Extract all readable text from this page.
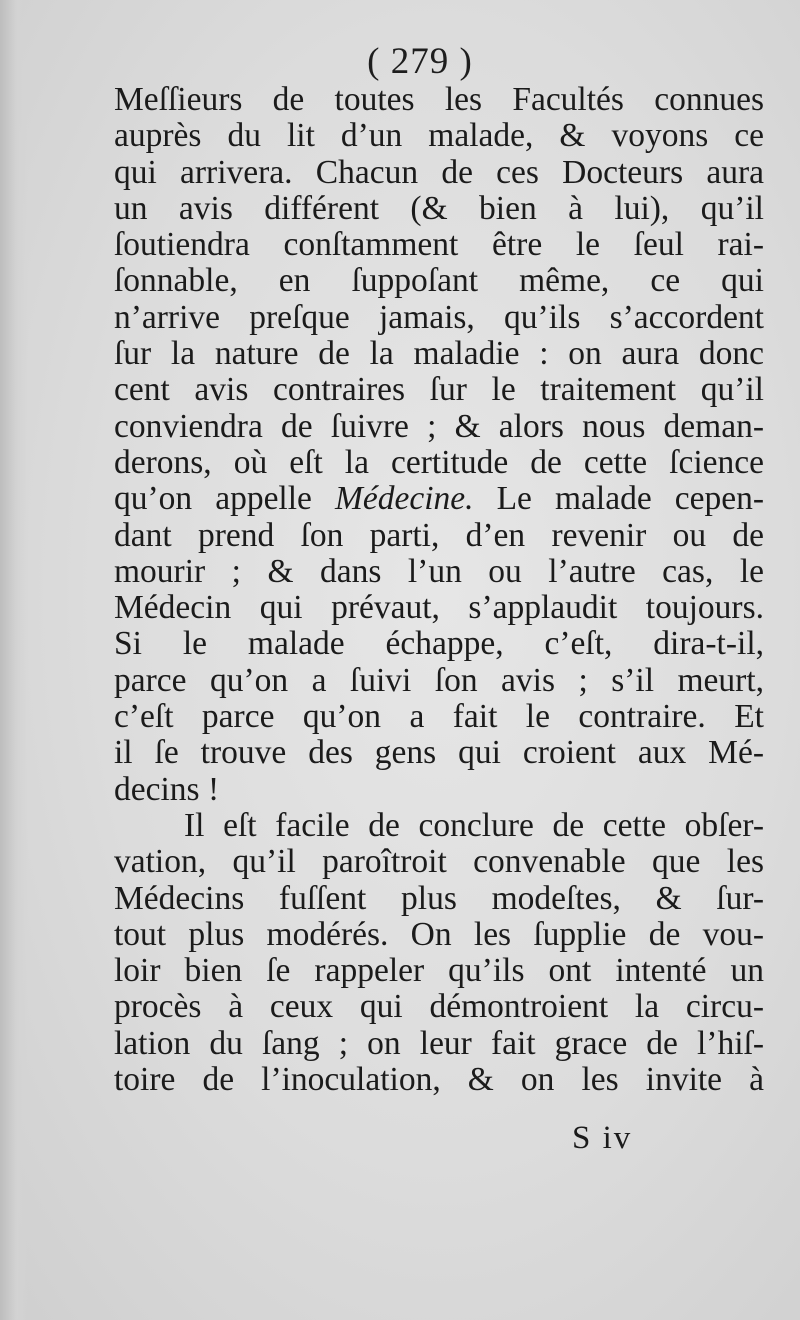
( 279 )
Meſſieurs de toutes les Facultés connues
auprès du lit d’un malade, & voyons ce
qui arrivera. Chacun de ces Docteurs aura
un avis différent (& bien à lui), qu’il
ſoutiendra conſtamment être le ſeul rai-
ſonnable, en ſuppoſant même, ce qui
n’arrive preſque jamais, qu’ils s’accordent
ſur la nature de la maladie : on aura donc
cent avis contraires ſur le traitement qu’il
conviendra de ſuivre ; & alors nous deman-
derons, où eſt la certitude de cette ſcience
qu’on appelle Médecine. Le malade cepen-
dant prend ſon parti, d’en revenir ou de
mourir ; & dans l’un ou l’autre cas, le
Médecin qui prévaut, s’applaudit toujours.
Si le malade échappe, c’eſt, dira-t-il,
parce qu’on a ſuivi ſon avis ; s’il meurt,
c’eſt parce qu’on a fait le contraire. Et
il ſe trouve des gens qui croient aux Mé-
decins !
Il eſt facile de conclure de cette obſer-
vation, qu’il paroîtroit convenable que les
Médecins fuſſent plus modeſtes, & ſur-
tout plus modérés. On les ſupplie de vou-
loir bien ſe rappeler qu’ils ont intenté un
procès à ceux qui démontroient la circu-
lation du ſang ; on leur fait grace de l’hiſ-
toire de l’inoculation, & on les invite à
S iv
